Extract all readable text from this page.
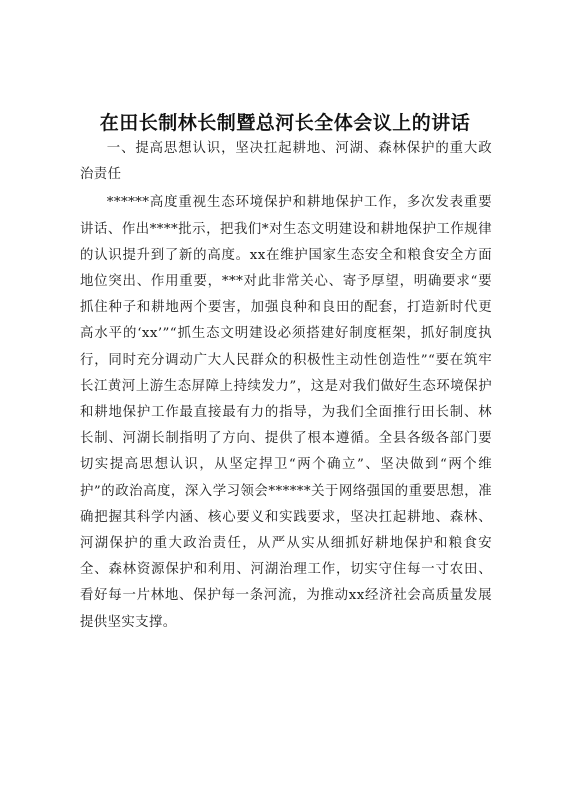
在田长制林长制暨总河长全体会议上的讲话

一、提高思想认识，坚决扛起耕地、河湖、森林保护的重大政治责任

******高度重视生态环境保护和耕地保护工作，多次发表重要讲话、作出****批示，把我们*对生态文明建设和耕地保护工作规律的认识提升到了新的高度。xx在维护国家生态安全和粮食安全方面地位突出、作用重要，***对此非常关心、寄予厚望，明确要求“要抓住种子和耕地两个要害，加强良种和良田的配套，打造新时代更高水平的‘xx’”“抓生态文明建设必须搭建好制度框架，抓好制度执行，同时充分调动广大人民群众的积极性主动性创造性”“要在筑牢长江黄河上游生态屏障上持续发力”，这是对我们做好生态环境保护和耕地保护工作最直接最有力的指导，为我们全面推行田长制、林长制、河湖长制指明了方向、提供了根本遵循。全县各级各部门要切实提高思想认识，从坚定捍卫“两个确立”、坚决做到“两个维护”的政治高度，深入学习领会******关于网络强国的重要思想，准确把握其科学内涵、核心要义和实践要求，坚决扛起耕地、森林、河湖保护的重大政治责任，从严从实从细抓好耕地保护和粮食安全、森林资源保护和利用、河湖治理工作，切实守住每一寸农田、看好每一片林地、保护每一条河流，为推动xx经济社会高质量发展提供坚实支撑。
